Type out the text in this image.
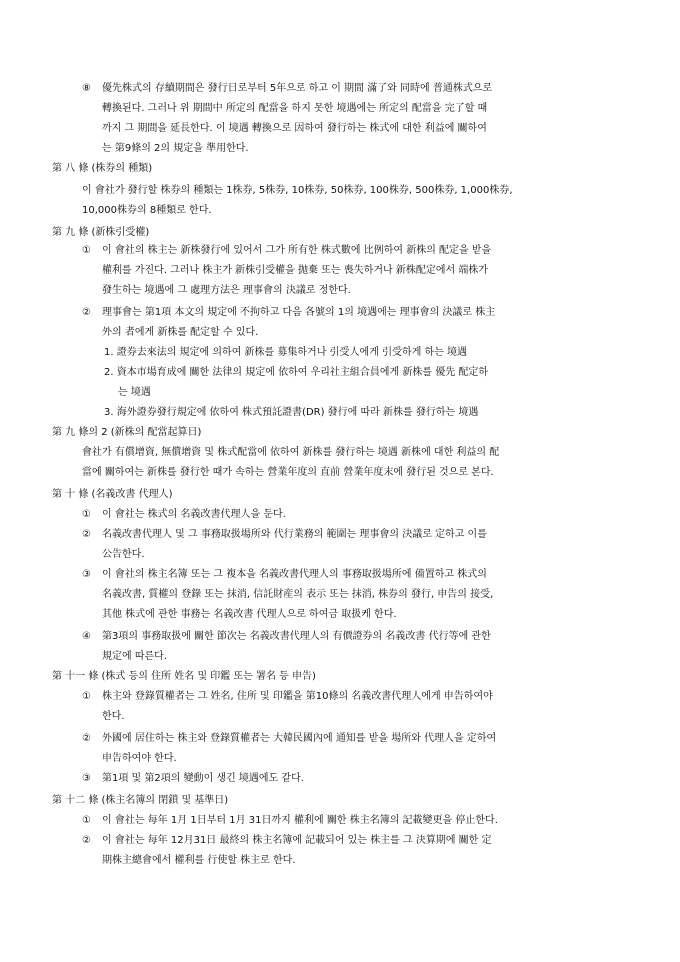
⑧ 優先株式의 存續期間은 發行日로부터 5年으로 하고 이 期間 滿了와 同時에 普通株式으로
轉換된다. 그러나 위 期間中 所定의 配當을 하지 못한 境遇에는 所定의 配當을 完了할 때
까지 그 期間을 延長한다. 이 境遇 轉換으로 因하여 發行하는 株式에 대한 利益에 關하여
는 第9條의 2의 規定을 準用한다.
第 八 條 (株券의 種類)
이 會社가 發行할 株券의 種類는 1株券, 5株券, 10株券, 50株券, 100株券, 500株券, 1,000株券,
10,000株券의 8種類로 한다.
第 九 條 (新株引受權)
① 이 會社의 株主는 新株發行에 있어서 그가 所有한 株式數에 比例하여 新株의 配定을 받을
權利를 가진다. 그러나 株主가 新株引受權을 抛棄 또는 喪失하거나 新株配定에서 端株가
發生하는 境遇에 그 處理方法은 理事會의 決議로 정한다.
② 理事會는 第1項 本文의 規定에 不拘하고 다음 各號의 1의 境遇에는 理事會의 決議로 株主
外의 者에게 新株를 配定할 수 있다.
1. 證券去來法의 規定에 의하여 新株를 募集하거나 引受人에게 引受하게 하는 境遇
2. 資本市場育成에 關한 法律의 規定에 依하여 우리社主組合員에게 新株를 優先 配定하
는 境遇
3. 海外證券發行規定에 依하여 株式預託證書(DR) 發行에 따라 新株를 發行하는 境遇
第 九 條의 2 (新株의 配當起算日)
會社가 有償增資, 無償增資 및 株式配當에 依하여 新株를 發行하는 境遇 新株에 대한 利益의 配
當에 關하여는 新株를 發行한 때가 속하는 營業年度의 直前 營業年度末에 發行된 것으로 본다.
第 十 條 (名義改書 代理人)
① 이 會社는 株式의 名義改書代理人을 둔다.
② 名義改書代理人 및 그 事務取扱場所와 代行業務의 範圍는 理事會의 決議로 定하고 이를
公告한다.
③ 이 會社의 株主名簿 또는 그 複本을 名義改書代理人의 事務取扱場所에 備置하고 株式의
名義改書, 質權의 登錄 또는 抹消, 信託財産의 表示 또는 抹消, 株券의 發行, 申告의 接受,
其他 株式에 관한 事務는 名義改書 代理人으로 하여금 取扱케 한다.
④ 第3項의 事務取扱에 關한 節次는 名義改書代理人의 有價證券의 名義改書 代行等에 관한
規定에 따른다.
第 十一 條 (株式 등의 住所 姓名 및 印鑑 또는 署名 등 申告)
① 株主와 登錄質權者는 그 姓名, 住所 및 印鑑을 第10條의 名義改書代理人에게 申告하여야
한다.
② 外國에 居住하는 株主와 登錄質權者는 大韓民國內에 通知를 받을 場所와 代理人을 定하여
申告하여야 한다.
③ 第1項 및 第2項의 變動이 생긴 境遇에도 같다.
第 十二 條 (株主名簿의 閉鎖 및 基準日)
① 이 會社는 每年 1月 1日부터 1月 31日까지 權利에 關한 株主名簿의 記載變更을 停止한다.
② 이 會社는 每年 12月31日 最終의 株主名簿에 記載되어 있는 株主를 그 決算期에 關한 定
期株主總會에서 權利를 行使할 株主로 한다.
